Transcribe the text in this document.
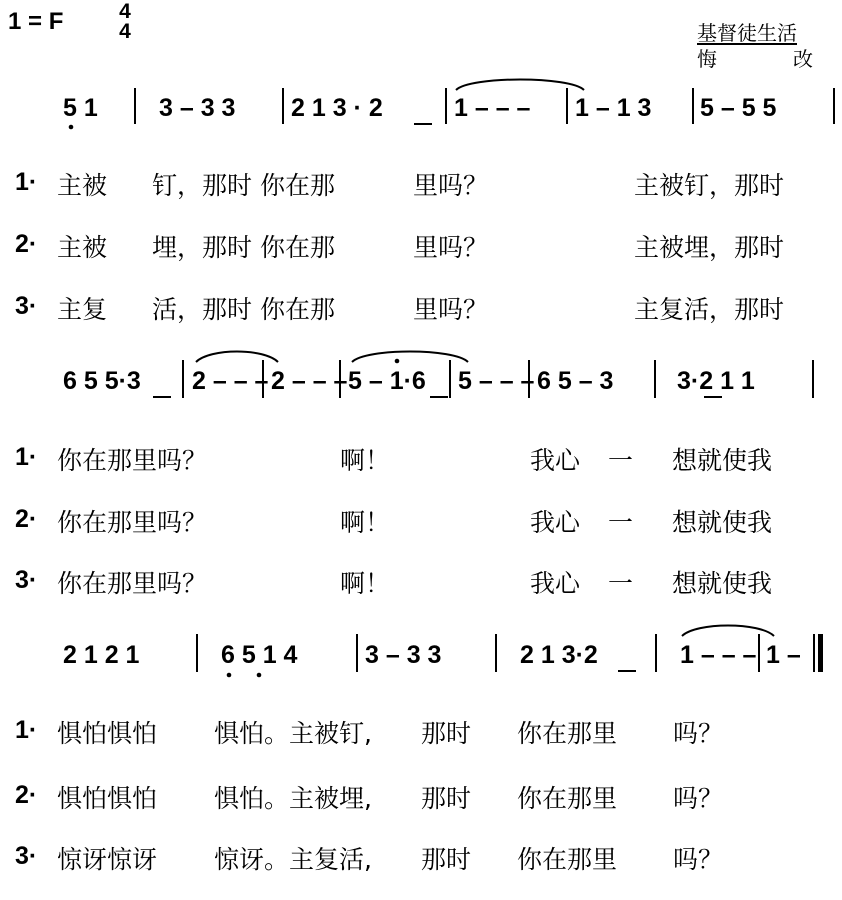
1 = F	4
4	基督徒生活
悔	改
5 1 3 – 3 3 2 1 3 · 2	1 – – – 1 – 1 3 5 – 5 5
1· 主被 钉，那时 你在那	里吗？	主被钉，那时
2· 主被 埋，那时 你在那	里吗？	主被埋，那时
3· 主复 活，那时 你在那	里吗？	主复活，那时
6 5 5·3 2 – – – 2 – – – 5 – 1·6 5 – – – 6 5 – 3	3·2 1 1
1· 你在那里吗？	啊！	我心 一 想就使我
2· 你在那里吗？	啊！	我心 一 想就使我
3· 你在那里吗？	啊！	我心 一 想就使我
2 1 2 1	6 5 1 4	3 – 3 3	2 1 3·2	1 – – – 1 –
1· 惧怕惧怕 惧怕。主被钉, 那时 你在那里 吗？
2· 惧怕惧怕 惧怕。主被埋, 那时 你在那里 吗？
3· 惊讶惊讶 惊讶。主复活, 那时 你在那里 吗？
